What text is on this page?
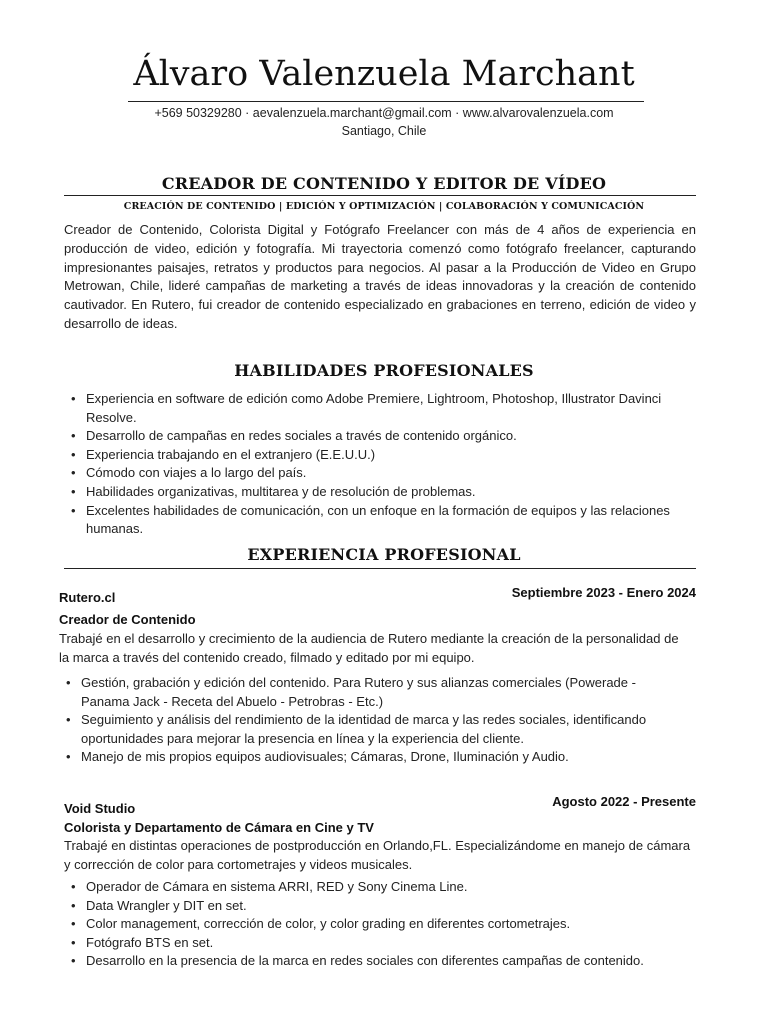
Álvaro Valenzuela Marchant
+569 50329280 · aevalenzuela.marchant@gmail.com · www.alvarovalenzuela.com
Santiago, Chile
CREADOR DE CONTENIDO Y EDITOR DE VÍDEO
CREACIÓN DE CONTENIDO | EDICIÓN Y OPTIMIZACIÓN | COLABORACIÓN Y COMUNICACIÓN

Creador de Contenido, Colorista Digital y Fotógrafo Freelancer con más de 4 años de experiencia en producción de video, edición y fotografía. Mi trayectoria comenzó como fotógrafo freelancer, capturando impresionantes paisajes, retratos y productos para negocios. Al pasar a la Producción de Video en Grupo Metrowan, Chile, lideré campañas de marketing a través de ideas innovadoras y la creación de contenido cautivador. En Rutero, fui creador de contenido especializado en grabaciones en terreno, edición de video y desarrollo de ideas.

HABILIDADES PROFESIONALES
• Experiencia en software de edición como Adobe Premiere, Lightroom, Photoshop, Illustrator Davinci Resolve.
• Desarrollo de campañas en redes sociales a través de contenido orgánico.
• Experiencia trabajando en el extranjero (E.E.U.U.)
• Cómodo con viajes a lo largo del país.
• Habilidades organizativas, multitarea y de resolución de problemas.
• Excelentes habilidades de comunicación, con un enfoque en la formación de equipos y las relaciones humanas.
EXPERIENCIA PROFESIONAL
Rutero.cl	Septiembre 2023 - Enero 2024
Creador de Contenido

Trabajé en el desarrollo y crecimiento de la audiencia de Rutero mediante la creación de la personalidad de la marca a través del contenido creado, filmado y editado por mi equipo.

• Gestión, grabación y edición del contenido. Para Rutero y sus alianzas comerciales (Powerade - Panama Jack - Receta del Abuelo - Petrobras - Etc.)
• Seguimiento y análisis del rendimiento de la identidad de marca y las redes sociales, identificando oportunidades para mejorar la presencia en línea y la experiencia del cliente.
• Manejo de mis propios equipos audiovisuales; Cámaras, Drone, Iluminación y Audio.
Void Studio	Agosto 2022 - Presente
Colorista y Departamento de Cámara en Cine y TV

Trabajé en distintas operaciones de postproducción en Orlando,FL. Especializándome en manejo de cámara y corrección de color para cortometrajes y videos musicales.

• Operador de Cámara en sistema ARRI, RED y Sony Cinema Line.
• Data Wrangler y DIT en set.
• Color management, corrección de color, y color grading en diferentes cortometrajes.
• Fotógrafo BTS en set.
• Desarrollo en la presencia de la marca en redes sociales con diferentes campañas de contenido.
